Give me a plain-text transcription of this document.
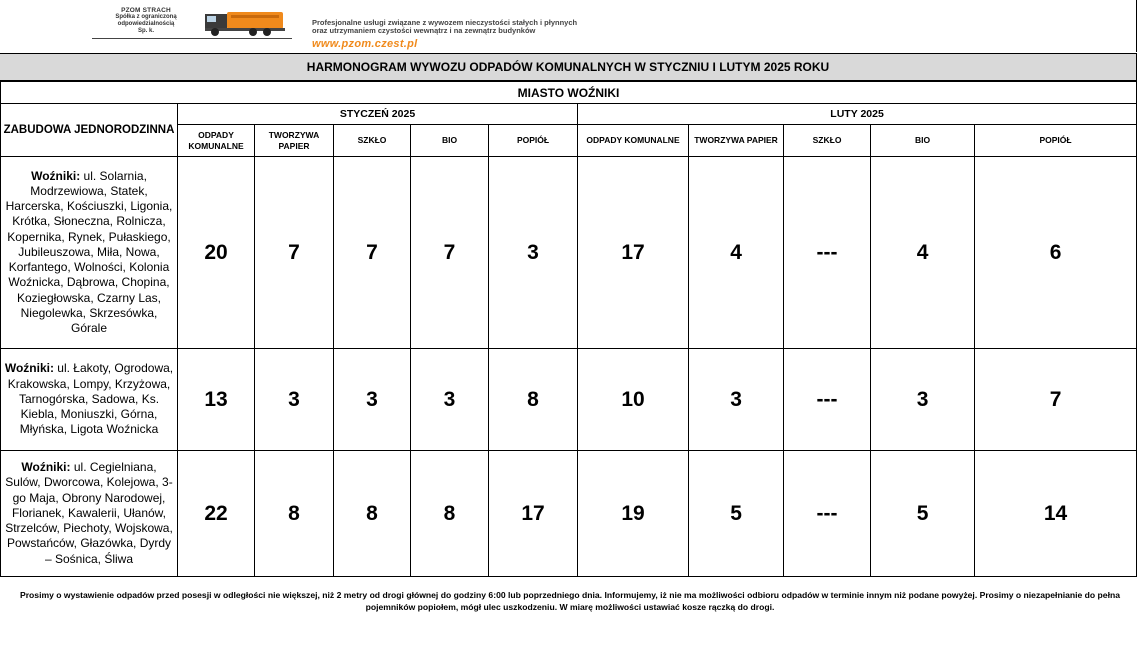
PZOM STRACH
Spółka z ograniczoną odpowiedzialnością
Sp. k.
Profesjonalne usługi związane z wywozem nieczystości stałych i płynnych
oraz utrzymaniem czystości wewnątrz i na zewnątrz budynków
www.pzom.czest.pl
HARMONOGRAM WYWOZU ODPADÓW KOMUNALNYCH W STYCZNIU I LUTYM 2025 ROKU
MIASTO WOŹNIKI
ZABUDOWA JEDNORODZINNA	STYCZEŃ 2025					LUTY 2025				
	ODPADY KOMUNALNE	TWORZYWA PAPIER	SZKŁO	BIO	POPIÓŁ	ODPADY KOMUNALNE	TWORZYWA PAPIER	SZKŁO	BIO	POPIÓŁ
Woźniki: ul. Solarnia, Modrzewiowa, Statek, Harcerska, Kościuszki, Ligonia, Krótka, Słoneczna, Rolnicza, Kopernika, Rynek, Pułaskiego, Jubileuszowa, Miła, Nowa, Korfantego, Wolności, Kolonia Woźnicka, Dąbrowa, Chopina, Koziegłowska, Czarny Las, Niegolewka, Skrzesówka, Górale	20	7	7	7	3	17	4	---	4	6
Woźniki: ul. Łakoty, Ogrodowa, Krakowska, Lompy, Krzyżowa, Tarnogórska, Sadowa, Ks. Kiebla, Moniuszki, Górna, Młyńska, Ligota Woźnicka	13	3	3	3	8	10	3	---	3	7
Woźniki: ul. Cegielniana, Sulów, Dworcowa, Kolejowa, 3-go Maja, Obrony Narodowej, Florianek, Kawalerii, Ułanów, Strzelców, Piechoty, Wojskowa, Powstańców, Głazówka, Dyrdy – Sośnica, Śliwa	22	8	8	8	17	19	5	---	5	14
Prosimy o wystawienie odpadów przed posesji w odległości nie większej, niż 2 metry od drogi głównej do godziny 6:00 lub poprzedniego dnia. Informujemy, iż nie ma możliwości odbioru odpadów w terminie innym niż podane powyżej. Prosimy o niezapełnianie do pełna pojemników popiołem, mógł ulec uszkodzeniu. W miarę możliwości ustawiać kosze rączką do drogi.
